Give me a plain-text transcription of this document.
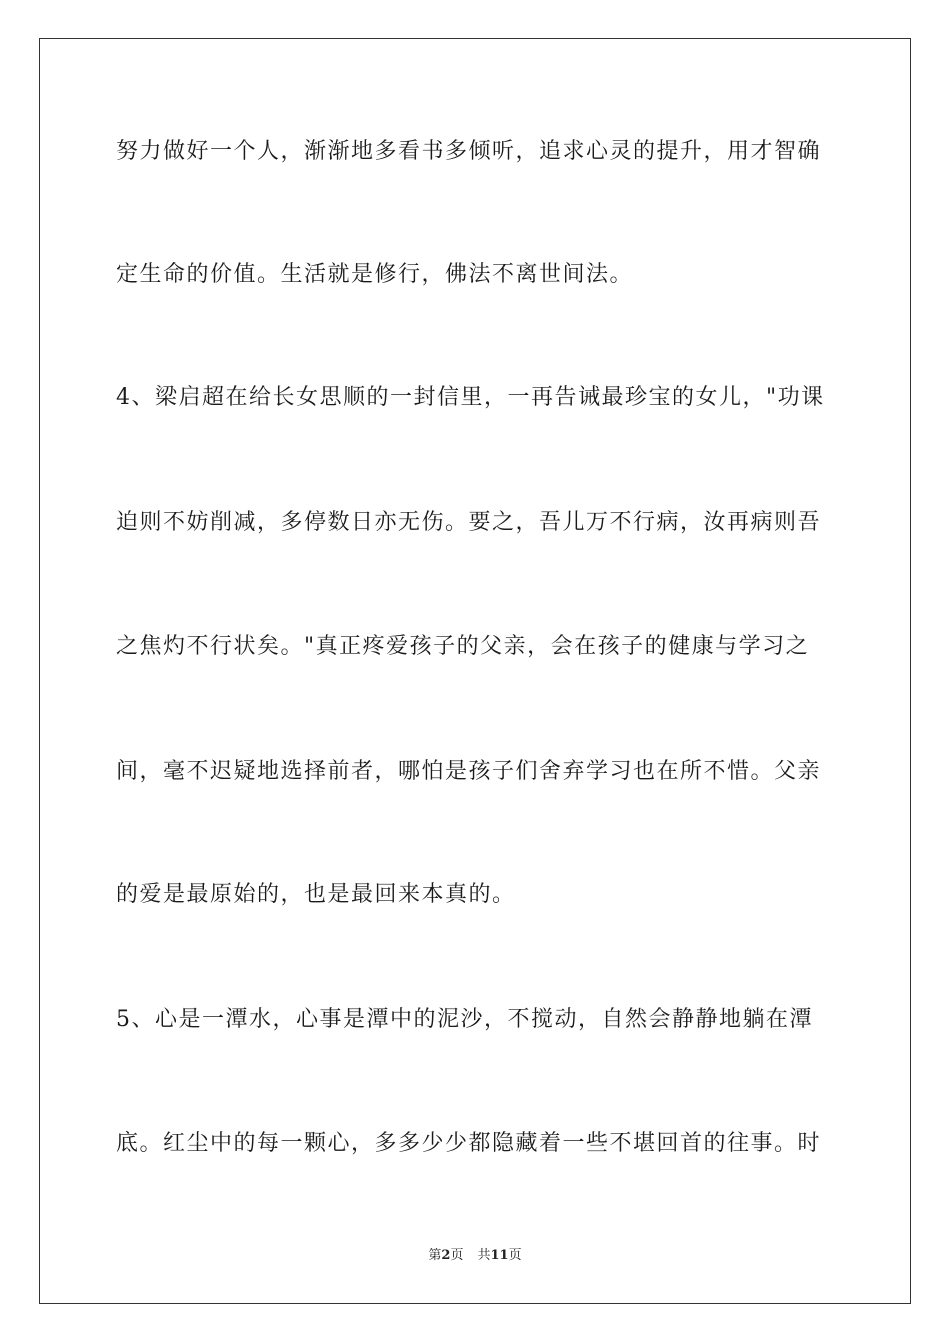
努力做好一个人，渐渐地多看书多倾听，追求心灵的提升，用才智确
定生命的价值。生活就是修行，佛法不离世间法。
4、梁启超在给长女思顺的一封信里，一再告诫最珍宝的女儿，"功课
迫则不妨削减，多停数日亦无伤。要之，吾儿万不行病，汝再病则吾
之焦灼不行状矣。"真正疼爱孩子的父亲，会在孩子的健康与学习之
间，毫不迟疑地选择前者，哪怕是孩子们舍弃学习也在所不惜。父亲
的爱是最原始的，也是最回来本真的。
5、心是一潭水，心事是潭中的泥沙，不搅动，自然会静静地躺在潭
底。红尘中的每一颗心，多多少少都隐藏着一些不堪回首的往事。时
第2页 共11页
